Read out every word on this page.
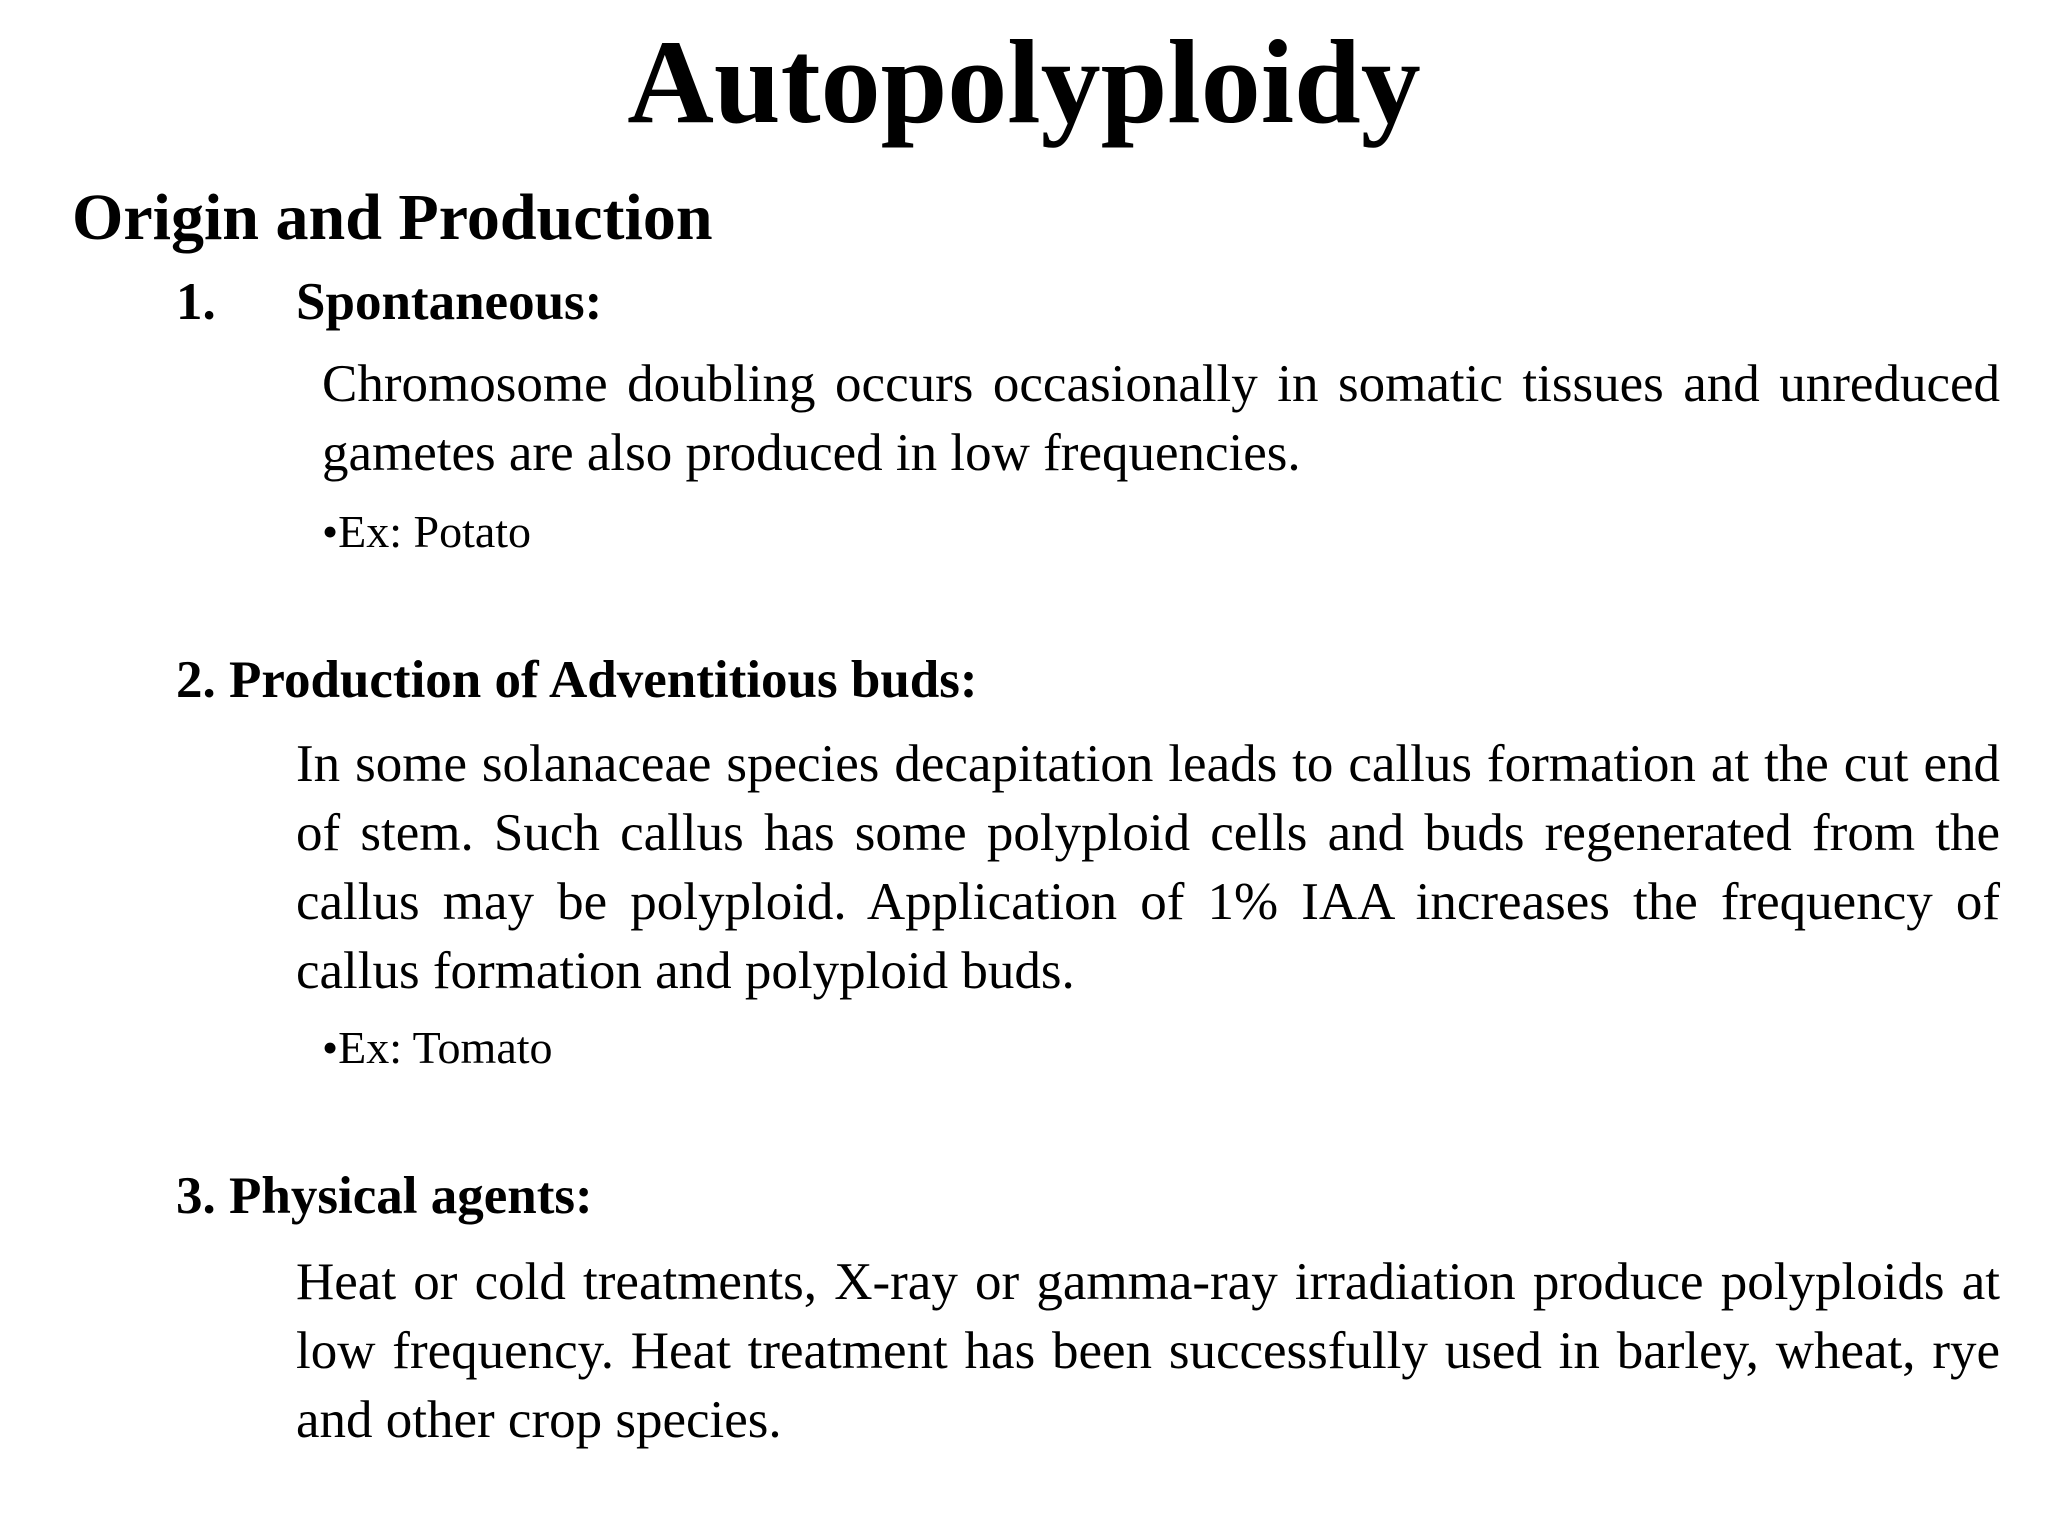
Autopolyploidy
Origin and Production
1. Spontaneous:

Chromosome doubling occurs occasionally in somatic tissues and unreduced gametes are also produced in low frequencies.

•Ex: Potato
2. Production of Adventitious buds:

In some solanaceae species decapitation leads to callus formation at the cut end of stem. Such callus has some polyploid cells and buds regenerated from the callus may be polyploid. Application of 1% IAA increases the frequency of callus formation and polyploid buds.

•Ex: Tomato
3. Physical agents:

Heat or cold treatments, X-ray or gamma-ray irradiation produce polyploids at low frequency. Heat treatment has been successfully used in barley, wheat, rye and other crop species.
